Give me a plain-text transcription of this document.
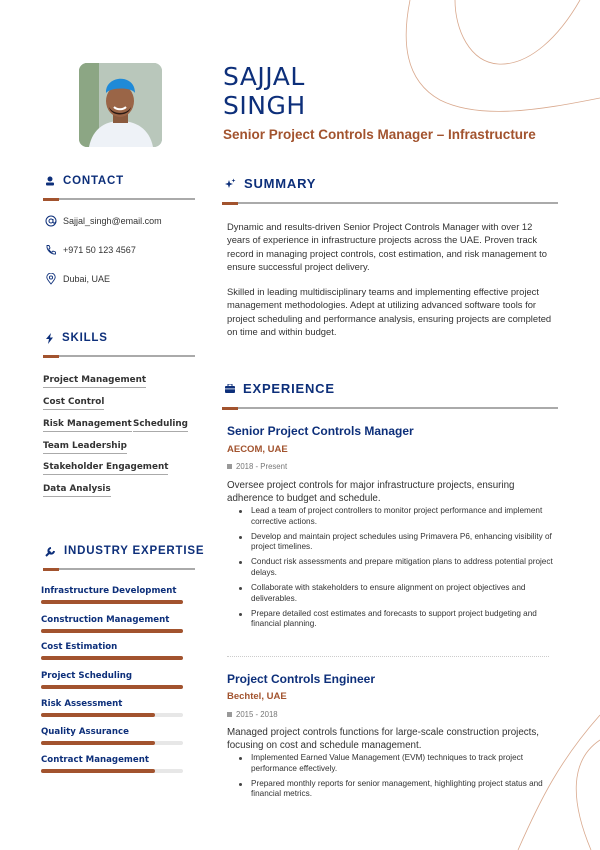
SAJJAL
SINGH
Senior Project Controls Manager – Infrastructure
CONTACT
Sajjal_singh@email.com
+971 50 123 4567
Dubai, UAE
SKILLS
Project Management
Cost Control
Risk Management Scheduling
Team Leadership
Stakeholder Engagement
Data Analysis
INDUSTRY EXPERTISE
Infrastructure Development
Construction Management
Cost Estimation
Project Scheduling
Risk Assessment
Quality Assurance
Contract Management
SUMMARY
Dynamic and results-driven Senior Project Controls Manager with over 12 years of experience in infrastructure projects across the UAE. Proven track record in managing project controls, cost estimation, and risk management to ensure successful project delivery.
Skilled in leading multidisciplinary teams and implementing effective project management methodologies. Adept at utilizing advanced software tools for project scheduling and performance analysis, ensuring projects are completed on time and within budget.
EXPERIENCE
Senior Project Controls Manager
AECOM, UAE
2018 - Present
Oversee project controls for major infrastructure projects, ensuring adherence to budget and schedule.
Lead a team of project controllers to monitor project performance and implement corrective actions.
Develop and maintain project schedules using Primavera P6, enhancing visibility of project timelines.
Conduct risk assessments and prepare mitigation plans to address potential project delays.
Collaborate with stakeholders to ensure alignment on project objectives and deliverables.
Prepare detailed cost estimates and forecasts to support project budgeting and financial planning.
Project Controls Engineer
Bechtel, UAE
2015 - 2018
Managed project controls functions for large-scale construction projects, focusing on cost and schedule management.
Implemented Earned Value Management (EVM) techniques to track project performance effectively.
Prepared monthly reports for senior management, highlighting project status and financial metrics.
